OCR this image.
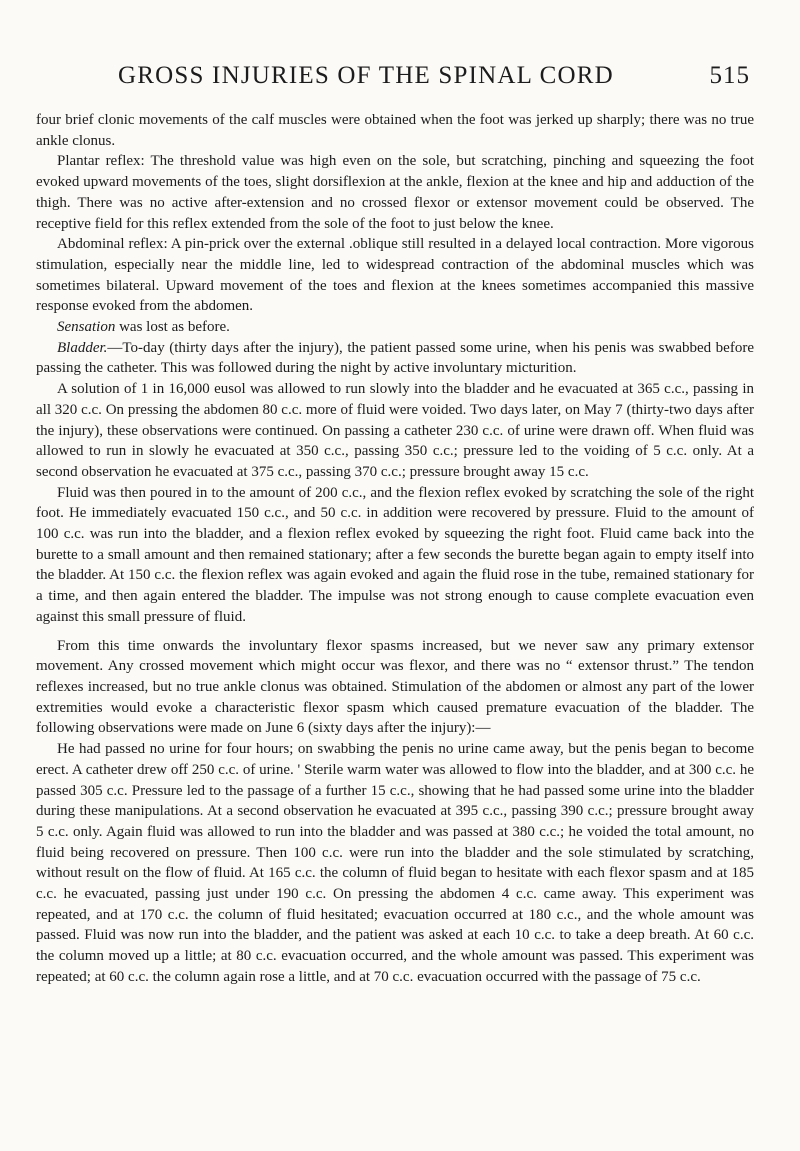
GROSS INJURIES OF THE SPINAL CORD	515

four brief clonic movements of the calf muscles were obtained when the foot was jerked up sharply; there was no true ankle clonus.

Plantar reflex: The threshold value was high even on the sole, but scratching, pinching and squeezing the foot evoked upward movements of the toes, slight dorsiflexion at the ankle, flexion at the knee and hip and adduction of the thigh. There was no active after-extension and no crossed flexor or extensor movement could be observed. The receptive field for this reflex extended from the sole of the foot to just below the knee.

Abdominal reflex: A pin-prick over the external .oblique still resulted in a delayed local contraction. More vigorous stimulation, especially near the middle line, led to widespread contraction of the abdominal muscles which was sometimes bilateral. Upward movement of the toes and flexion at the knees sometimes accompanied this massive response evoked from the abdomen.

Sensation was lost as before.

Bladder.—To-day (thirty days after the injury), the patient passed some urine, when his penis was swabbed before passing the catheter. This was followed during the night by active involuntary micturition.

A solution of 1 in 16,000 eusol was allowed to run slowly into the bladder and he evacuated at 365 c.c., passing in all 320 c.c. On pressing the abdomen 80 c.c. more of fluid were voided. Two days later, on May 7 (thirty-two days after the injury), these observations were continued. On passing a catheter 230 c.c. of urine were drawn off. When fluid was allowed to run in slowly he evacuated at 350 c.c., passing 350 c.c.; pressure led to the voiding of 5 c.c. only. At a second observation he evacuated at 375 c.c., passing 370 c.c.; pressure brought away 15 c.c.

Fluid was then poured in to the amount of 200 c.c., and the flexion reflex evoked by scratching the sole of the right foot. He immediately evacuated 150 c.c., and 50 c.c. in addition were recovered by pressure. Fluid to the amount of 100 c.c. was run into the bladder, and a flexion reflex evoked by squeezing the right foot. Fluid came back into the burette to a small amount and then remained stationary; after a few seconds the burette began again to empty itself into the bladder. At 150 c.c. the flexion reflex was again evoked and again the fluid rose in the tube, remained stationary for a time, and then again entered the bladder. The impulse was not strong enough to cause complete evacuation even against this small pressure of fluid.

From this time onwards the involuntary flexor spasms increased, but we never saw any primary extensor movement. Any crossed movement which might occur was flexor, and there was no “ extensor thrust.” The tendon reflexes increased, but no true ankle clonus was obtained. Stimulation of the abdomen or almost any part of the lower extremities would evoke a characteristic flexor spasm which caused premature evacuation of the bladder. The following observations were made on June 6 (sixty days after the injury):—

He had passed no urine for four hours; on swabbing the penis no urine came away, but the penis began to become erect. A catheter drew off 250 c.c. of urine. ' Sterile warm water was allowed to flow into the bladder, and at 300 c.c. he passed 305 c.c. Pressure led to the passage of a further 15 c.c., showing that he had passed some urine into the bladder during these manipulations. At a second observation he evacuated at 395 c.c., passing 390 c.c.; pressure brought away 5 c.c. only. Again fluid was allowed to run into the bladder and was passed at 380 c.c.; he voided the total amount, no fluid being recovered on pressure. Then 100 c.c. were run into the bladder and the sole stimulated by scratching, without result on the flow of fluid. At 165 c.c. the column of fluid began to hesitate with each flexor spasm and at 185 c.c. he evacuated, passing just under 190 c.c. On pressing the abdomen 4 c.c. came away. This experiment was repeated, and at 170 c.c. the column of fluid hesitated; evacuation occurred at 180 c.c., and the whole amount was passed. Fluid was now run into the bladder, and the patient was asked at each 10 c.c. to take a deep breath. At 60 c.c. the column moved up a little; at 80 c.c. evacuation occurred, and the whole amount was passed. This experiment was repeated; at 60 c.c. the column again rose a little, and at 70 c.c. evacuation occurred with the passage of 75 c.c.
